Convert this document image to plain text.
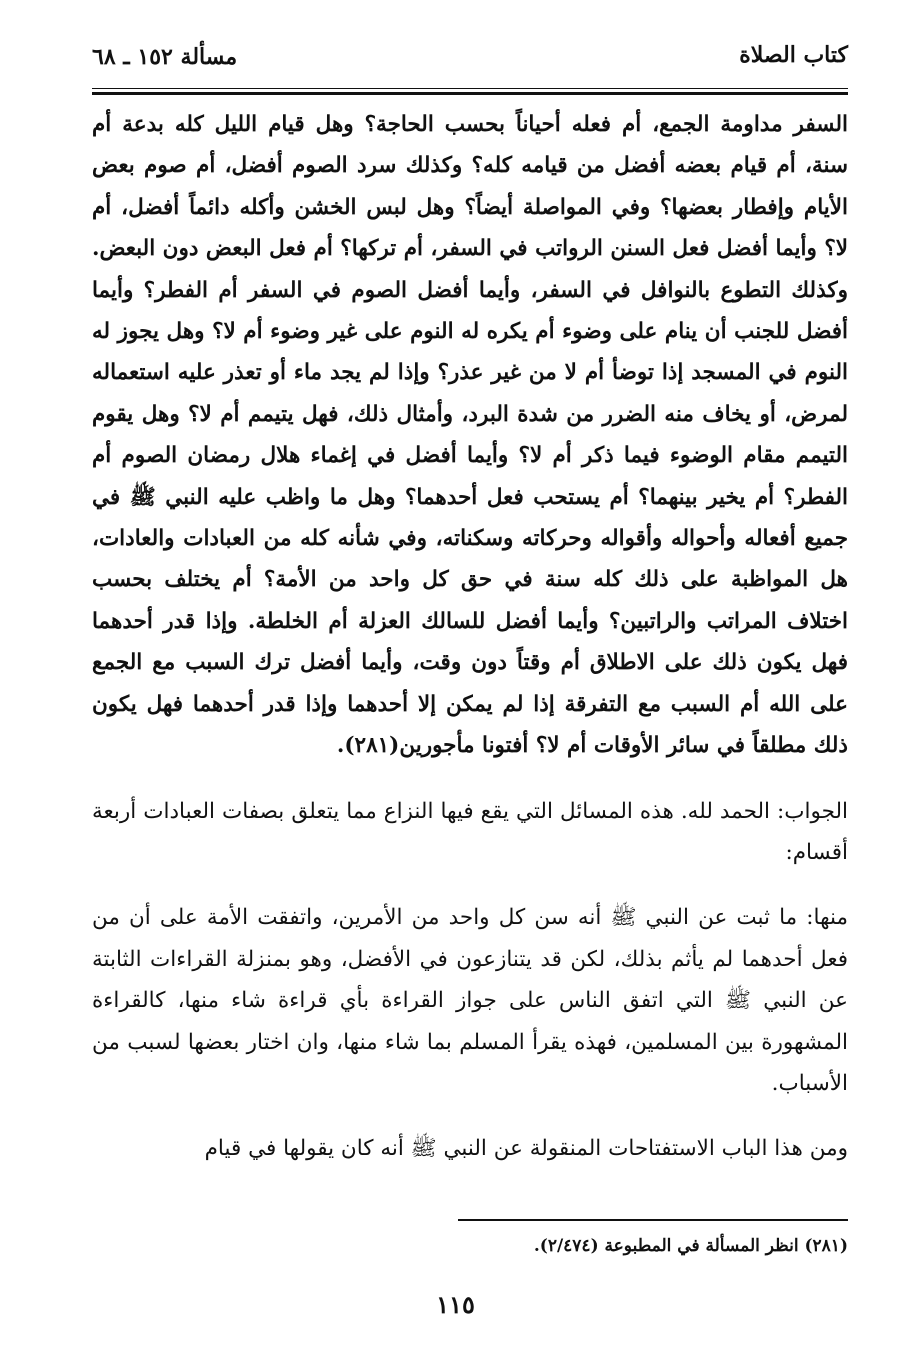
كتاب الصلاة
مسألة ١٥٢ ـ ٦٨

السفر مداومة الجمع، أم فعله أحياناً بحسب الحاجة؟ وهل قيام الليل كله بدعة أم سنة، أم قيام بعضه أفضل من قيامه كله؟ وكذلك سرد الصوم أفضل، أم صوم بعض الأيام وإفطار بعضها؟ وفي المواصلة أيضاً؟ وهل لبس الخشن وأكله دائماً أفضل، أم لا؟ وأيما أفضل فعل السنن الرواتب في السفر، أم تركها؟ أم فعل البعض دون البعض. وكذلك التطوع بالنوافل في السفر، وأيما أفضل الصوم في السفر أم الفطر؟ وأيما أفضل للجنب أن ينام على وضوء أم يكره له النوم على غير وضوء أم لا؟ وهل يجوز له النوم في المسجد إذا توضأ أم لا من غير عذر؟ وإذا لم يجد ماء أو تعذر عليه استعماله لمرض، أو يخاف منه الضرر من شدة البرد، وأمثال ذلك، فهل يتيمم أم لا؟ وهل يقوم التيمم مقام الوضوء فيما ذكر أم لا؟ وأيما أفضل في إغماء هلال رمضان الصوم أم الفطر؟ أم يخير بينهما؟ أم يستحب فعل أحدهما؟ وهل ما واظب عليه النبي ﷺ في جميع أفعاله وأحواله وأقواله وحركاته وسكناته، وفي شأنه كله من العبادات والعادات، هل المواظبة على ذلك كله سنة في حق كل واحد من الأمة؟ أم يختلف بحسب اختلاف المراتب والراتبين؟ وأيما أفضل للسالك العزلة أم الخلطة. وإذا قدر أحدهما فهل يكون ذلك على الاطلاق أم وقتاً دون وقت، وأيما أفضل ترك السبب مع الجمع على الله أم السبب مع التفرقة إذا لم يمكن إلا أحدهما وإذا قدر أحدهما فهل يكون ذلك مطلقاً في سائر الأوقات أم لا؟ أفتونا مأجورين(٢٨١).

الجواب: الحمد لله. هذه المسائل التي يقع فيها النزاع مما يتعلق بصفات العبادات أربعة أقسام:

منها: ما ثبت عن النبي ﷺ أنه سن كل واحد من الأمرين، واتفقت الأمة على أن من فعل أحدهما لم يأثم بذلك، لكن قد يتنازعون في الأفضل، وهو بمنزلة القراءات الثابتة عن النبي ﷺ التي اتفق الناس على جواز القراءة بأي قراءة شاء منها، كالقراءة المشهورة بين المسلمين، فهذه يقرأ المسلم بما شاء منها، وان اختار بعضها لسبب من الأسباب.

ومن هذا الباب الاستفتاحات المنقولة عن النبي ﷺ أنه كان يقولها في قيام

(٢٨١) انظر المسألة في المطبوعة (٢/٤٧٤).
١١٥
